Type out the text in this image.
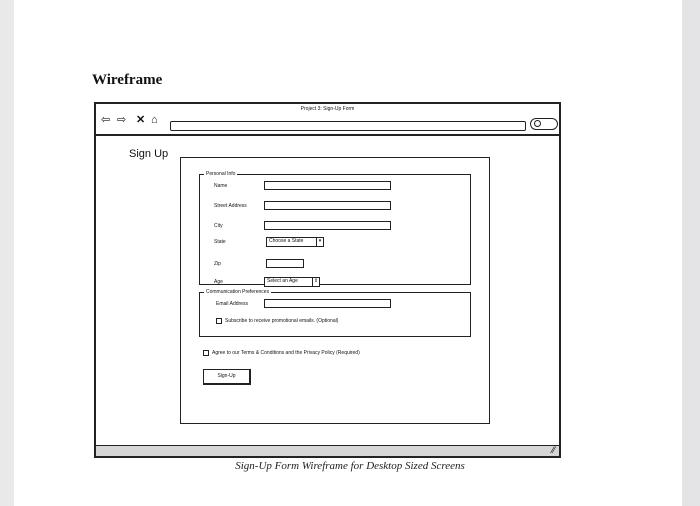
Wireframe
Project 3: Sign-Up Form
⇦ ⇨ ✕ ⌂
Sign Up
Personal Info
Name
Street Address
City
State	Choose a State	▾
Zip
Age	Select an Age	⇕
Communication Preferences
Email Address
Subscribe to receive promotional emails. (Optional)
Agree to our Terms & Conditions and the Privacy Policy (Required)
Sign-Up
⁄⁄
Sign-Up Form Wireframe for Desktop Sized Screens
